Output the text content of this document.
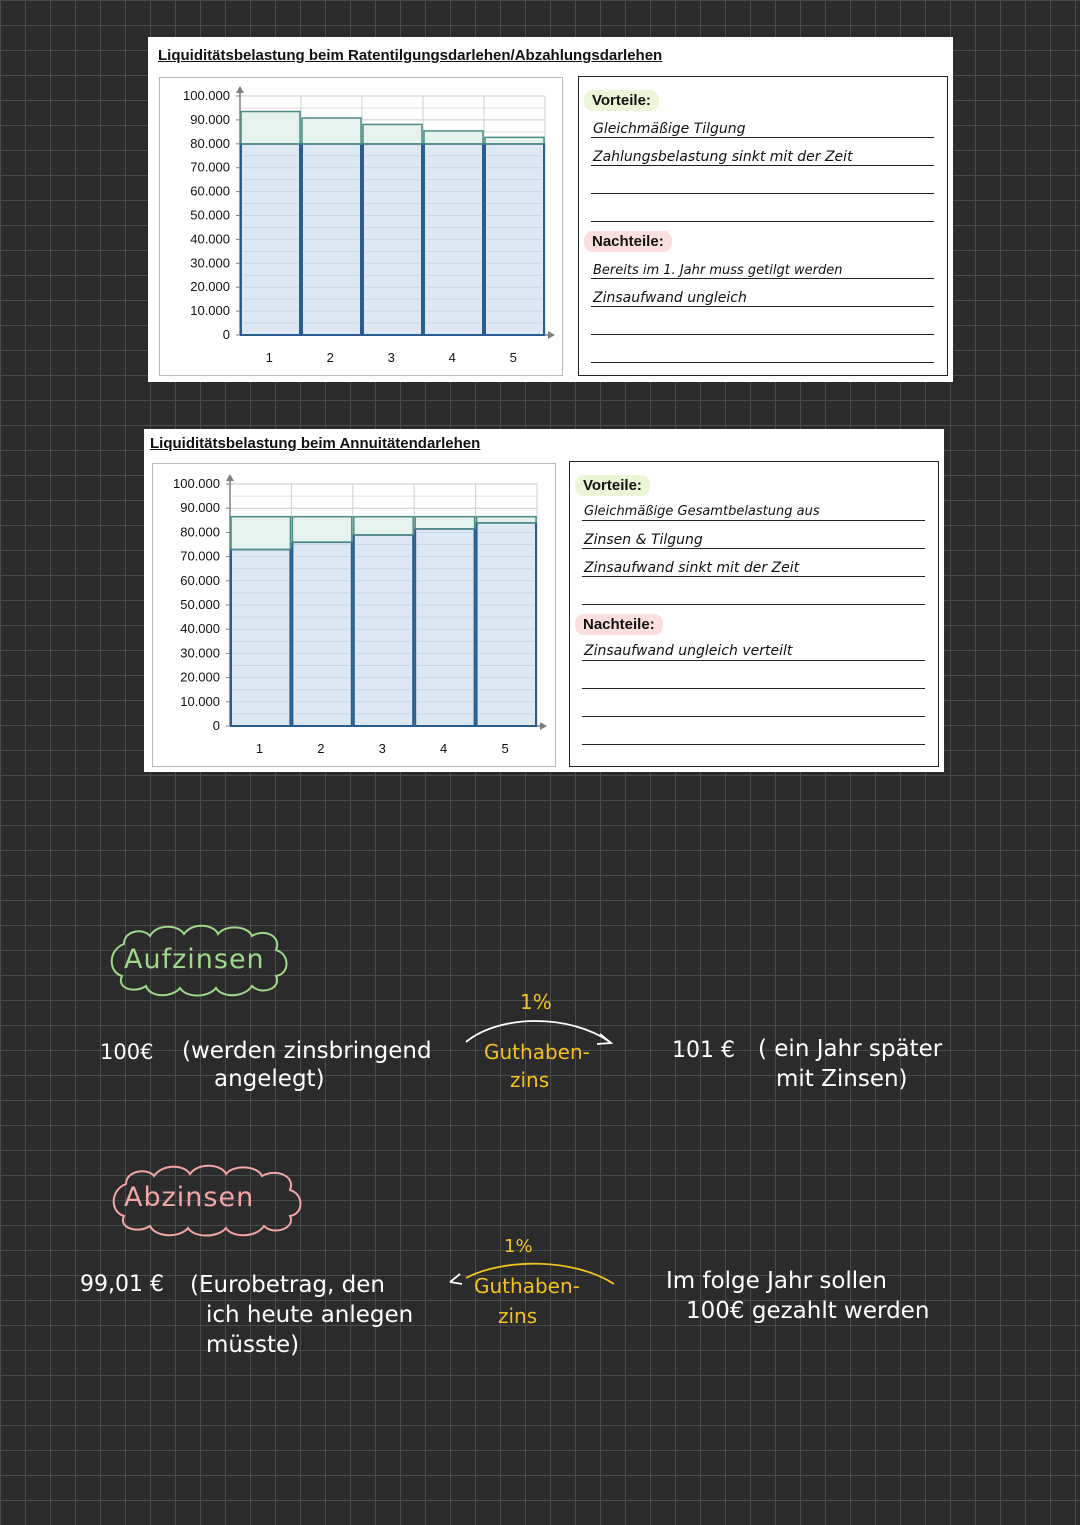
Liquiditätsbelastung beim Ratentilgungsdarlehen/Abzahlungsdarlehen
100.000
90.000
80.000
70.000
60.000
50.000
40.000
30.000
20.000
10.000
0
1	2	3	4	5
Vorteile:
Gleichmäßige Tilgung
Zahlungsbelastung sinkt mit der Zeit
Nachteile:
Bereits im 1. Jahr muss getilgt werden
Zinsaufwand ungleich
Liquiditätsbelastung beim Annuitätendarlehen
100.000
90.000
80.000
70.000
60.000
50.000
40.000
30.000
20.000
10.000
0
1	2	3	4	5
Vorteile:
Gleichmäßige Gesamtbelastung aus
Zinsen & Tilgung
Zinsaufwand sinkt mit der Zeit
Nachteile:
Zinsaufwand ungleich verteilt
Aufzinsen
100€ (werden zinsbringend
angelegt)
1%
Guthaben-
zins
101 € ( ein Jahr später
mit Zinsen)
Abzinsen
99,01 € (Eurobetrag, den
ich heute anlegen
müsste)
1%
Guthaben-
zins
Im folge Jahr sollen
100€ gezahlt werden
